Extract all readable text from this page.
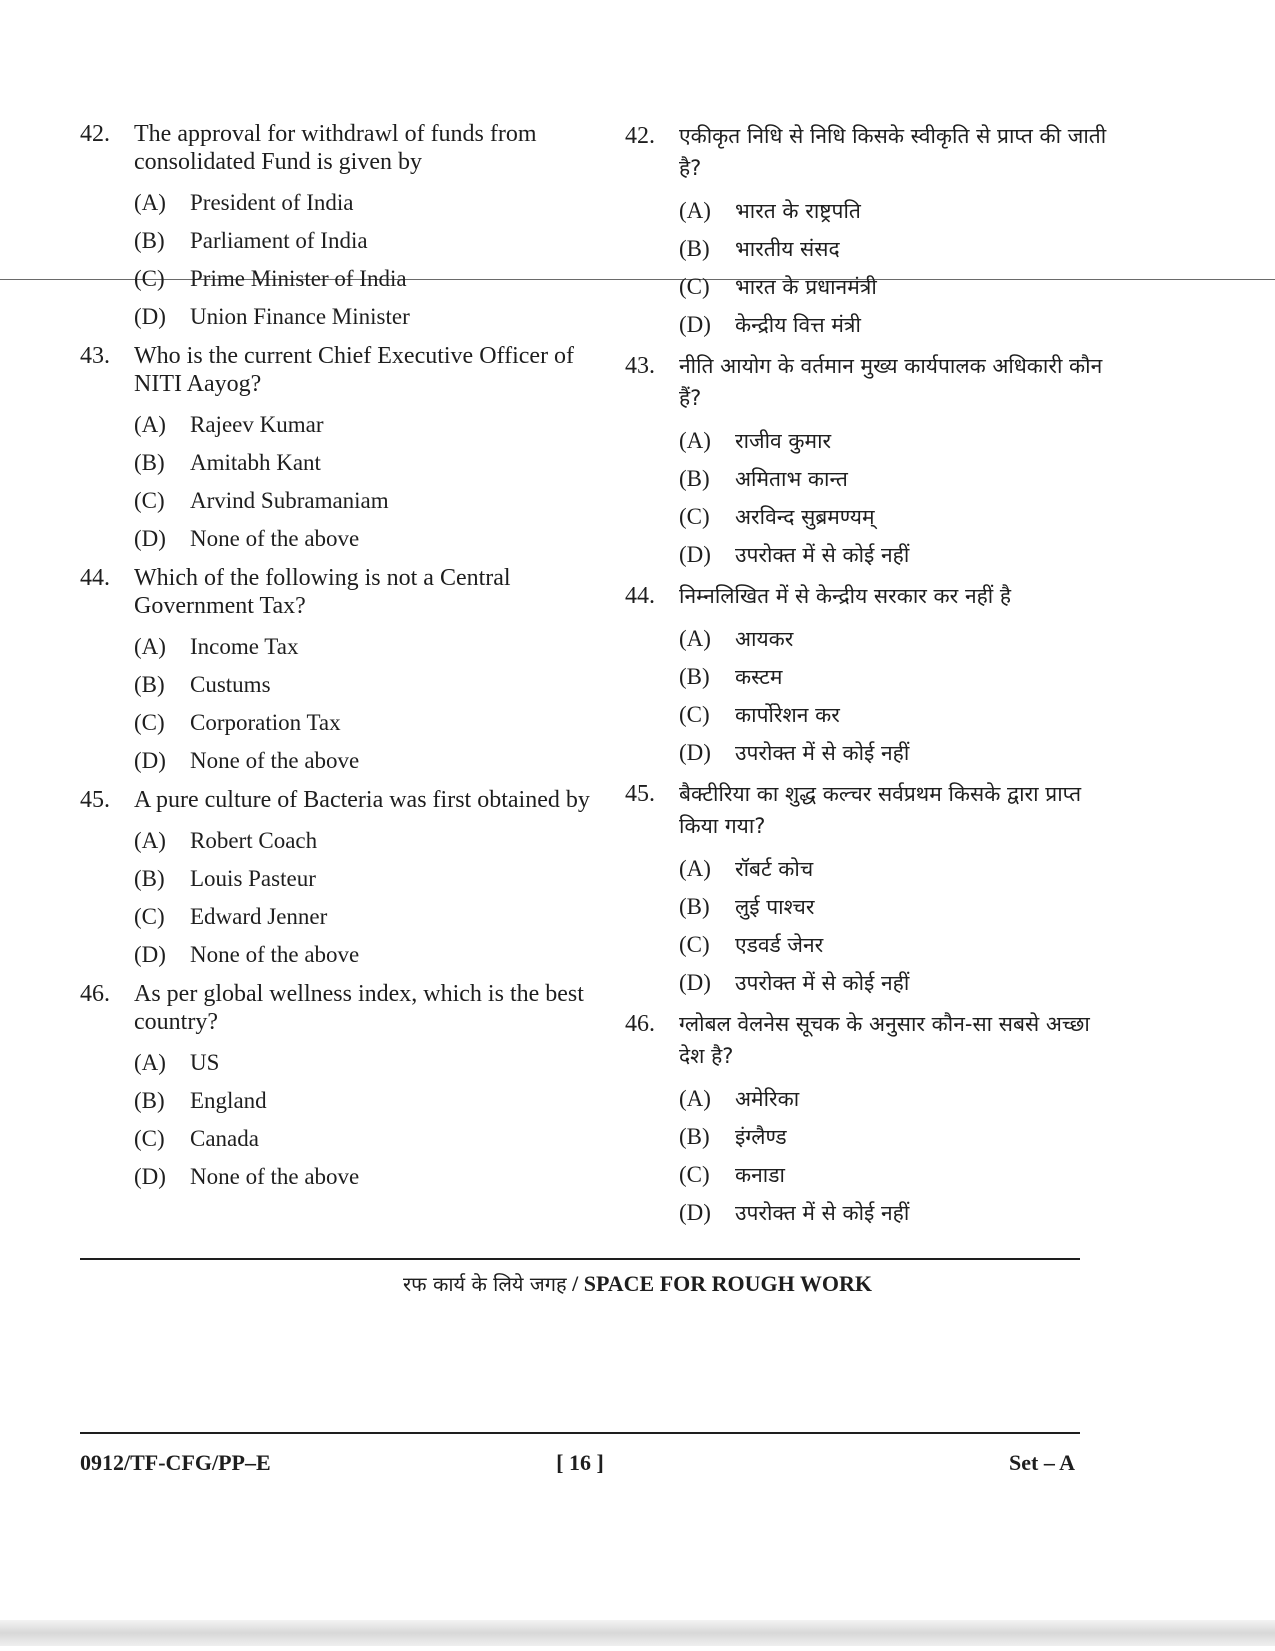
42.	The approval for withdrawl of funds from consolidated Fund is given by
(A)	President of India
(B)	Parliament of India
(C)	Prime Minister of India
(D)	Union Finance Minister
43.	Who is the current Chief Executive Officer of NITI Aayog?
(A)	Rajeev Kumar
(B)	Amitabh Kant
(C)	Arvind Subramaniam
(D)	None of the above
44.	Which of the following is not a Central Government Tax?
(A)	Income Tax
(B)	Custums
(C)	Corporation Tax
(D)	None of the above
45.	A pure culture of Bacteria was first obtained by
(A)	Robert Coach
(B)	Louis Pasteur
(C)	Edward Jenner
(D)	None of the above
46.	As per global wellness index, which is the best country?
(A)	US
(B)	England
(C)	Canada
(D)	None of the above
42.	एकीकृत निधि से निधि किसके स्वीकृति से प्राप्त की जाती है?
(A)	भारत के राष्ट्रपति
(B)	भारतीय संसद
(C)	भारत के प्रधानमंत्री
(D)	केन्द्रीय वित्त मंत्री
43.	नीति आयोग के वर्तमान मुख्य कार्यपालक अधिकारी कौन हैं?
(A)	राजीव कुमार
(B)	अमिताभ कान्त
(C)	अरविन्द सुब्रमण्यम्
(D)	उपरोक्त में से कोई नहीं
44.	निम्नलिखित में से केन्द्रीय सरकार कर नहीं है
(A)	आयकर
(B)	कस्टम
(C)	कार्पोरेशन कर
(D)	उपरोक्त में से कोई नहीं
45.	बैक्टीरिया का शुद्ध कल्चर सर्वप्रथम किसके द्वारा प्राप्त किया गया?
(A)	रॉबर्ट कोच
(B)	लुई पाश्चर
(C)	एडवर्ड जेनर
(D)	उपरोक्त में से कोई नहीं
46.	ग्लोबल वेलनेस सूचक के अनुसार कौन-सा सबसे अच्छा देश है?
(A)	अमेरिका
(B)	इंग्लैण्ड
(C)	कनाडा
(D)	उपरोक्त में से कोई नहीं
रफ कार्य के लिये जगह / SPACE FOR ROUGH WORK
0912/TF-CFG/PP–E	[ 16 ]	Set – A
